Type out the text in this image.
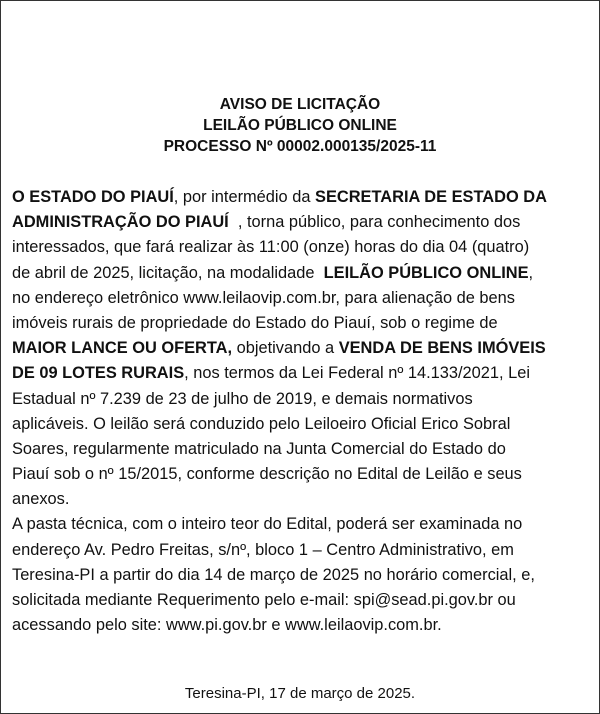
AVISO DE LICITAÇÃO
LEILÃO PÚBLICO ONLINE
PROCESSO Nº 00002.000135/2025-11
O ESTADO DO PIAUÍ, por intermédio da SECRETARIA DE ESTADO DA
ADMINISTRAÇÃO DO PIAUÍ  , torna público, para conhecimento dos
interessados, que fará realizar às 11:00 (onze) horas do dia 04 (quatro)
de abril de 2025, licitação, na modalidade  LEILÃO PÚBLICO ONLINE,
no endereço eletrônico www.leilaovip.com.br, para alienação de bens
imóveis rurais de propriedade do Estado do Piauí, sob o regime de
MAIOR LANCE OU OFERTA, objetivando a VENDA DE BENS IMÓVEIS
DE 09 LOTES RURAIS, nos termos da Lei Federal nº 14.133/2021, Lei
Estadual nº 7.239 de 23 de julho de 2019, e demais normativos
aplicáveis. O leilão será conduzido pelo Leiloeiro Oficial Erico Sobral
Soares, regularmente matriculado na Junta Comercial do Estado do
Piauí sob o nº 15/2015, conforme descrição no Edital de Leilão e seus
anexos.
A pasta técnica, com o inteiro teor do Edital, poderá ser examinada no
endereço Av. Pedro Freitas, s/nº, bloco 1 – Centro Administrativo, em
Teresina-PI a partir do dia 14 de março de 2025 no horário comercial, e,
solicitada mediante Requerimento pelo e-mail: spi@sead.pi.gov.br ou
acessando pelo site: www.pi.gov.br e www.leilaovip.com.br.
Teresina-PI, 17 de março de 2025.
